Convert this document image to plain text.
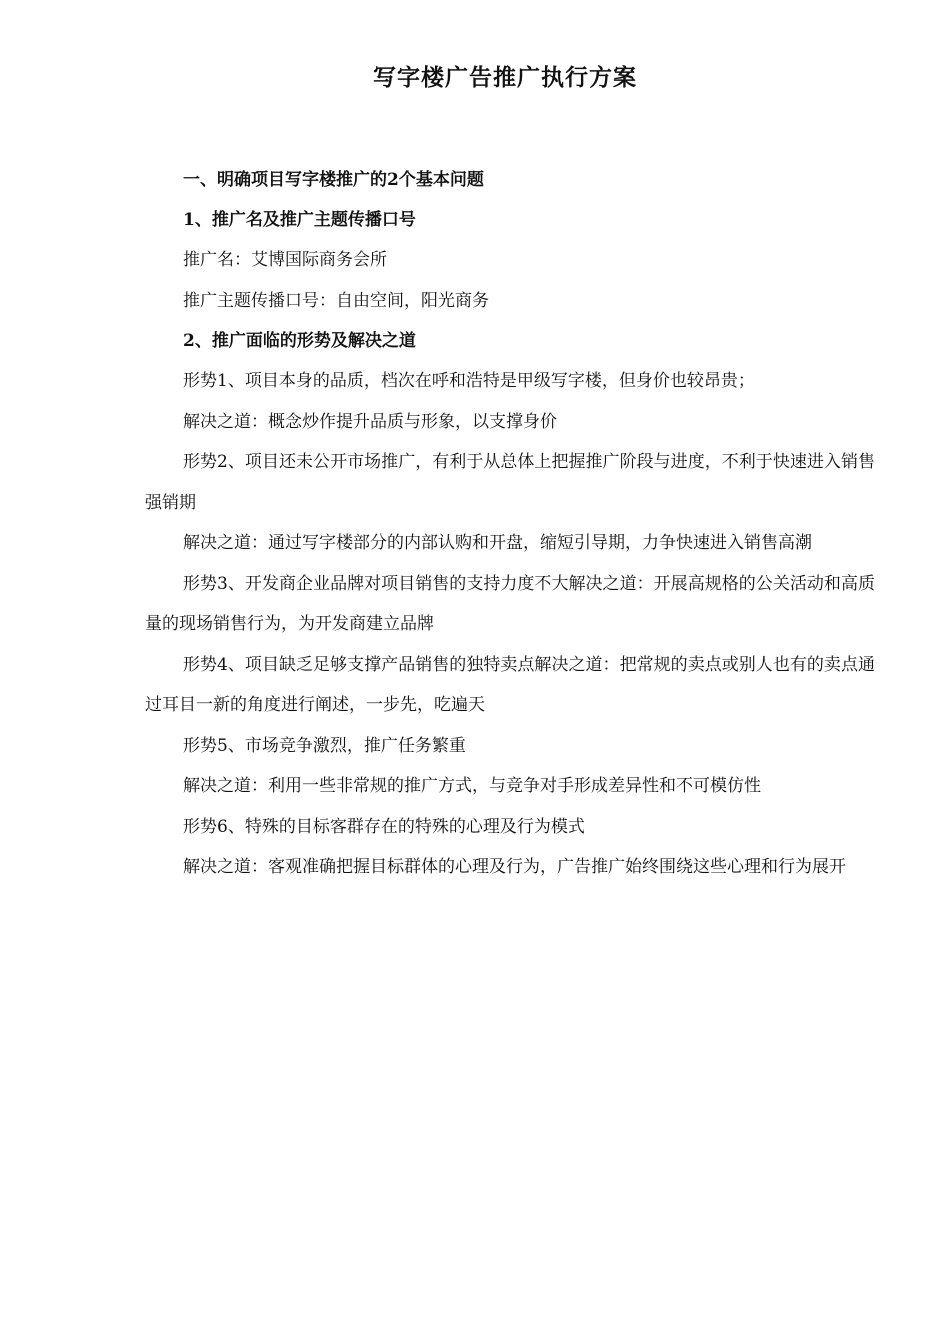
写字楼广告推广执行方案

一、明确项目写字楼推广的2个基本问题

1、推广名及推广主题传播口号

推广名：艾博国际商务会所

推广主题传播口号：自由空间，阳光商务

2、推广面临的形势及解决之道

形势1、项目本身的品质，档次在呼和浩特是甲级写字楼，但身价也较昂贵；

解决之道：概念炒作提升品质与形象，以支撑身价

形势2、项目还未公开市场推广，有利于从总体上把握推广阶段与进度，不利于快速进入销售强销期

解决之道：通过写字楼部分的内部认购和开盘，缩短引导期，力争快速进入销售高潮

形势3、开发商企业品牌对项目销售的支持力度不大解决之道：开展高规格的公关活动和高质量的现场销售行为，为开发商建立品牌

形势4、项目缺乏足够支撑产品销售的独特卖点解决之道：把常规的卖点或别人也有的卖点通过耳目一新的角度进行阐述，一步先，吃遍天

形势5、市场竞争激烈，推广任务繁重

解决之道：利用一些非常规的推广方式，与竞争对手形成差异性和不可模仿性

形势6、特殊的目标客群存在的特殊的心理及行为模式

解决之道：客观准确把握目标群体的心理及行为，广告推广始终围绕这些心理和行为展开
